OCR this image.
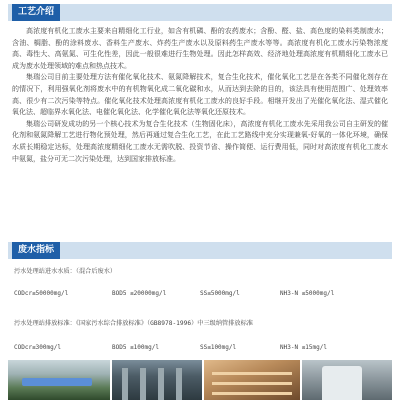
工艺介绍

高浓度有机化工废水主要来自精细化工行业，如含有机磷、酚的农药废水；含酚、醛、盐、高色度的染料类制废水；含油、榈脂、酚的涂料废水、香料生产废水、炸药生产废水以及原料药生产废水等等。高浓度有机化工废水污染物浓度高、毒性大、高氨氮、可生化性差，因此一般很难进行生物处理。因此怎样高效、经济地处理高浓度有机精细化工废水已成为废水处理领域的难点和热点技术。

集瑞公司目前主要处理方法有催化氧化技术、氨氮降解技术，复合生化技术，催化氧化工艺是在各类不同催化剂存在的情况下，利用强氧化剂将废水中的有机物氧化成二氧化碳和水，从而达到去除的目的，该法具有使用范围广、处理效率高、很少有二次污染等特点。催化氧化技术处理高浓度有机化工废水的良好手段。相继开发出了光催化氧化法、湿式催化氧化法、超临界水氧化法、电催化氧化法、化学催化氧化法等氧化还原技术。

集瑞公司研发成功的另一个核心技术为复合生化技术（生物固化床），高浓度有机化工废水先采用我公司自主研发的催化剂和氨氮降解工艺进行物化预处理，然后再通过复合生化工艺，在此工艺路线中充分实现兼氧-好氧的一体化环境，确保水质长期稳定达标，处理高浓度精细化工废水无需吹脱、投资节省、操作简便、运行费用低，同时对高浓度有机化工废水中氨氮，盐分可无二次污染处理，达到国家排放标准。

废水指标
污水处理站进水水质：（混合后废水）
CODcr≤50000mg/l	BOD5 ≤20000mg/l	SS≤5000mg/l	NH3-N ≤5000mg/l
污水处理站排放标准：《国家污水综合排放标准》（GB8978-1996）中三级纳管排放标准
CODcr≤300mg/l	BOD5 ≤100mg/l	SS≤100mg/l	NH3-N ≤15mg/l
